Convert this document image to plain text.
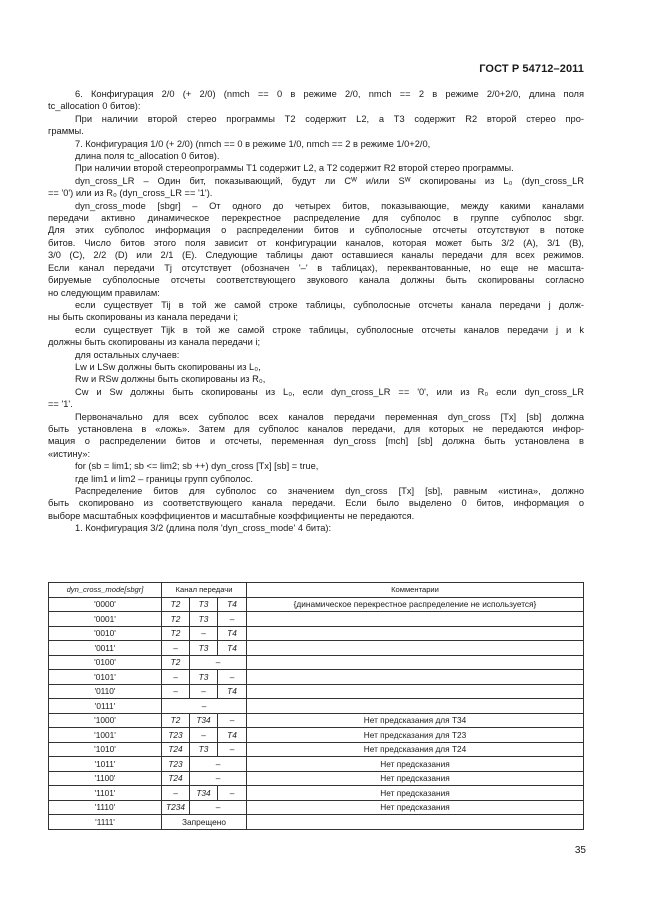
ГОСТ Р 54712–2011
6. Конфигурация 2/0 (+ 2/0) (nmch == 0 в режиме 2/0, nmch == 2 в режиме 2/0+2/0, длина поля
tc_allocation 0 битов):
При наличии второй стерео программы T2 содержит L2, а T3 содержит R2 второй стерео про-
граммы.
7. Конфигурация 1/0 (+ 2/0) (nmch == 0 в режиме 1/0, nmch == 2 в режиме 1/0+2/0,
длина поля tc_allocation 0 битов).
При наличии второй стереопрограммы T1 содержит L2, а T2 содержит R2 второй стерео программы.
dyn_cross_LR – Один бит, показывающий, будут ли Cᵂ и/или Sᵂ скопированы из L₀ (dyn_cross_LR
== '0') или из R₀ (dyn_cross_LR == '1').
dyn_cross_mode [sbgr] – От одного до четырех битов, показывающие, между какими каналами
передачи активно динамическое перекрестное распределение для субполос в группе субполос sbgr.
Для этих субполос информация о распределении битов и субполосные отсчеты отсутствуют в потоке
битов. Число битов этого поля зависит от конфигурации каналов, которая может быть 3/2 (A), 3/1 (B),
3/0 (C), 2/2 (D) или 2/1 (E). Следующие таблицы дают оставшиеся каналы передачи для всех режимов.
Если канал передачи Tj отсутствует (обозначен '–' в таблицах), переквантованные, но еще не масшта-
бируемые субполосные отсчеты соответствующего звукового канала должны быть скопированы согласно
но следующим правилам:
если существует Tij в той же самой строке таблицы, субполосные отсчеты канала передачи j долж-
ны быть скопированы из канала передачи i;
если существует Tijk в той же самой строке таблицы, субполосные отсчеты каналов передачи j и k
должны быть скопированы из канала передачи i;
для остальных случаев:
Lw и LSw должны быть скопированы из L₀,
Rw и RSw должны быть скопированы из R₀,
Cw и Sw должны быть скопированы из L₀, если dyn_cross_LR == '0', или из R₀ если dyn_cross_LR
== '1'.
Первоначально для всех субполос всех каналов передачи переменная dyn_cross [Tx] [sb] должна
быть установлена в «ложь». Затем для субполос каналов передачи, для которых не передаются инфор-
мация о распределении битов и отсчеты, переменная dyn_cross [mch] [sb] должна быть установлена в
«истину»:
for (sb = lim1; sb <= lim2; sb ++) dyn_cross [Tx] [sb] = true,
где lim1 и lim2 – границы групп субполос.
Распределение битов для субполос со значением dyn_cross [Tx] [sb], равным «истина», должно
быть скопировано из соответствующего канала передачи. Если было выделено 0 битов, информация о
выборе масштабных коэффициентов и масштабные коэффициенты не передаются.
1. Конфигурация 3/2 (длина поля 'dyn_cross_mode' 4 бита):
dyn_cross_mode[sbgr]	Канал передачи			Комментарии
'0000'	T2	T3	T4	{динамическое перекрестное распределение не используется}
'0001'	T2	T3	–	
'0010'	T2	–	T4	
'0011'	–	T3	T4	
'0100'	T2	–		
'0101'	–	T3	–	
'0110'	–	–	T4	
'0111'	–			
'1000'	T2	T34	–	Нет предсказания для T34
'1001'	T23	–	T4	Нет предсказания для T23
'1010'	T24	T3	–	Нет предсказания для T24
'1011'	T23	–		Нет предсказания
'1100'	T24	–		Нет предсказания
'1101'	–	T34	–	Нет предсказания
'1110'	T234	–		Нет предсказания
'1111'	Запрещено			
35
